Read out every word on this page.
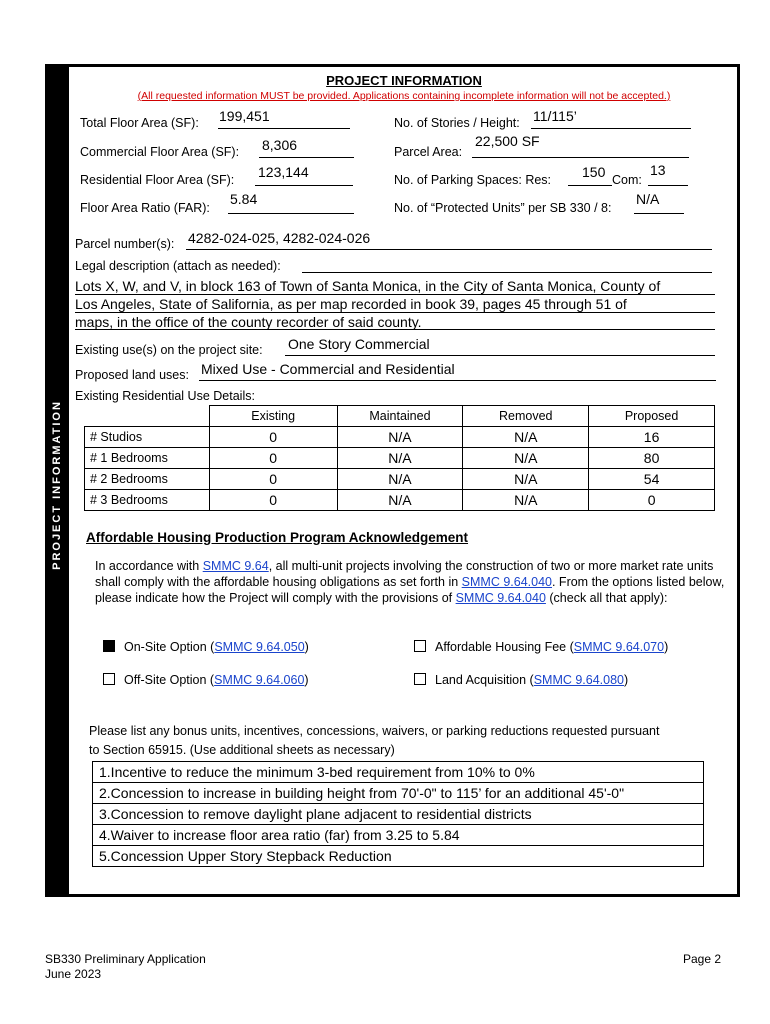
PROJECT INFORMATION
PROJECT INFORMATION
(All requested information MUST be provided. Applications containing incomplete information will not be accepted.)
Total Floor Area (SF): 199,451	No. of Stories / Height: 11/115’
Commercial Floor Area (SF): 8,306	Parcel Area:
22,500 SF
Residential Floor Area (SF): 123,144	No. of Parking Spaces: Res: 150 Com:
13
Floor Area Ratio (FAR):
5.84
No. of “Protected Units” per SB 330 / 8:
N/A
Parcel number(s): 4282-024-025, 4282-024-026
Legal description (attach as needed):
Lots X, W, and V, in block 163 of Town of Santa Monica, in the City of Santa Monica, County of
Los Angeles, State of Salifornia, as per map recorded in book 39, pages 45 through 51 of
maps, in the office of the county recorder of said county.
Existing use(s) on the project site: One Story Commercial
Proposed land uses: Mixed Use - Commercial and Residential
Existing Residential Use Details:
	Existing	Maintained	Removed	Proposed
# Studios	0	N/A	N/A	16
# 1 Bedrooms	0	N/A	N/A	80
# 2 Bedrooms	0	N/A	N/A	54
# 3 Bedrooms	0	N/A	N/A	0
Affordable Housing Production Program Acknowledgement
In accordance with SMMC 9.64, all multi-unit projects involving the construction of two or more market rate units shall comply with the affordable housing obligations as set forth in SMMC 9.64.040. From the options listed below, please indicate how the Project will comply with the provisions of SMMC 9.64.040 (check all that apply):
On-Site Option (SMMC 9.64.050)	Affordable Housing Fee (SMMC 9.64.070)
Off-Site Option (SMMC 9.64.060)	Land Acquisition (SMMC 9.64.080)
Please list any bonus units, incentives, concessions, waivers, or parking reductions requested pursuant
to Section 65915. (Use additional sheets as necessary)
1.Incentive to reduce the minimum 3-bed requirement from 10% to 0%
2.Concession to increase in building height from 70'-0" to 115’ for an additional 45'-0"
3.Concession to remove daylight plane adjacent to residential districts
4.Waiver to increase floor area ratio (far) from 3.25 to 5.84
5.Concession Upper Story Stepback Reduction
SB330 Preliminary Application
June 2023
Page 2
